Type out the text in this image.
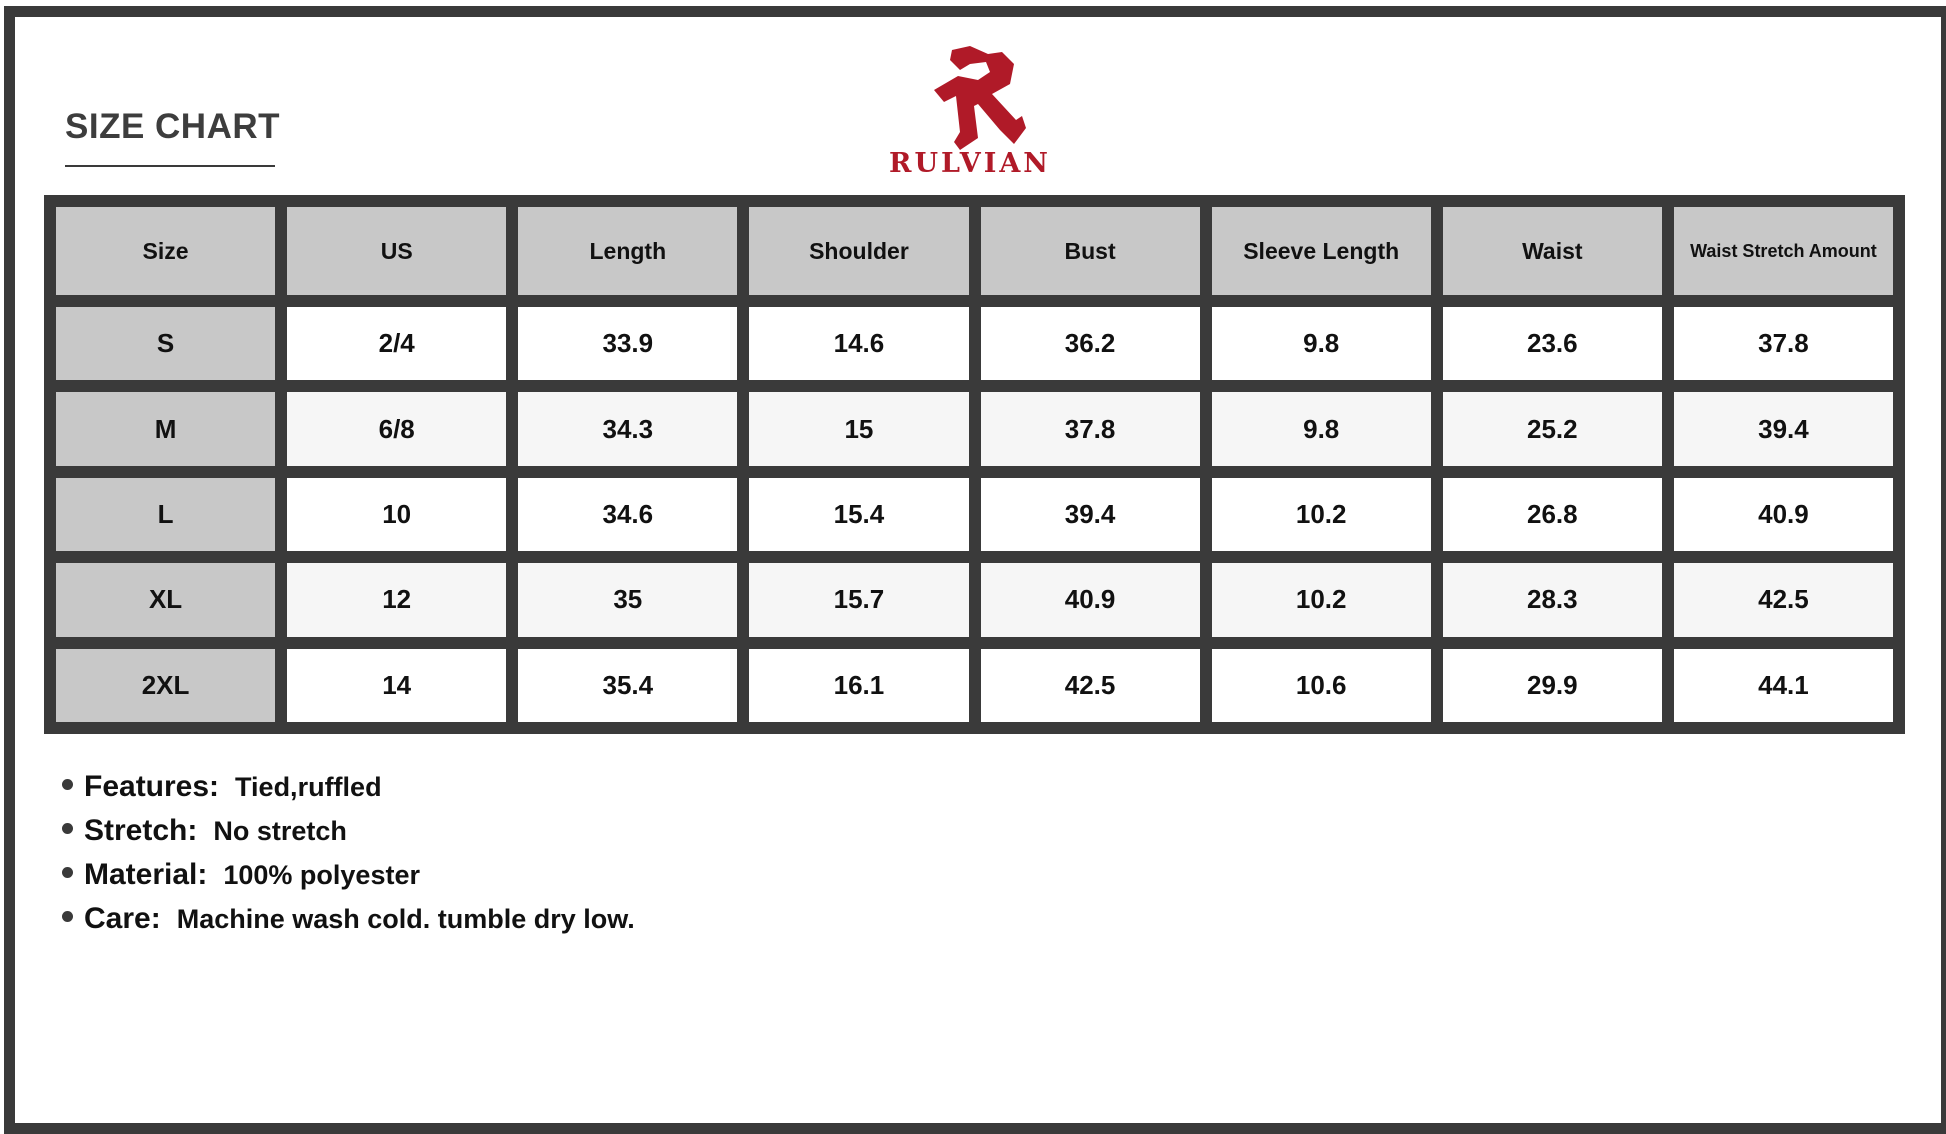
SIZE CHART
RULVIAN
Size	US	Length	Shoulder	Bust	Sleeve Length	Waist	Waist Stretch Amount
S	2/4	33.9	14.6	36.2	9.8	23.6	37.8
M	6/8	34.3	15	37.8	9.8	25.2	39.4
L	10	34.6	15.4	39.4	10.2	26.8	40.9
XL	12	35	15.7	40.9	10.2	28.3	42.5
2XL	14	35.4	16.1	42.5	10.6	29.9	44.1
Features: Tied,ruffled
Stretch: No stretch
Material: 100% polyester
Care: Machine wash cold. tumble dry low.
